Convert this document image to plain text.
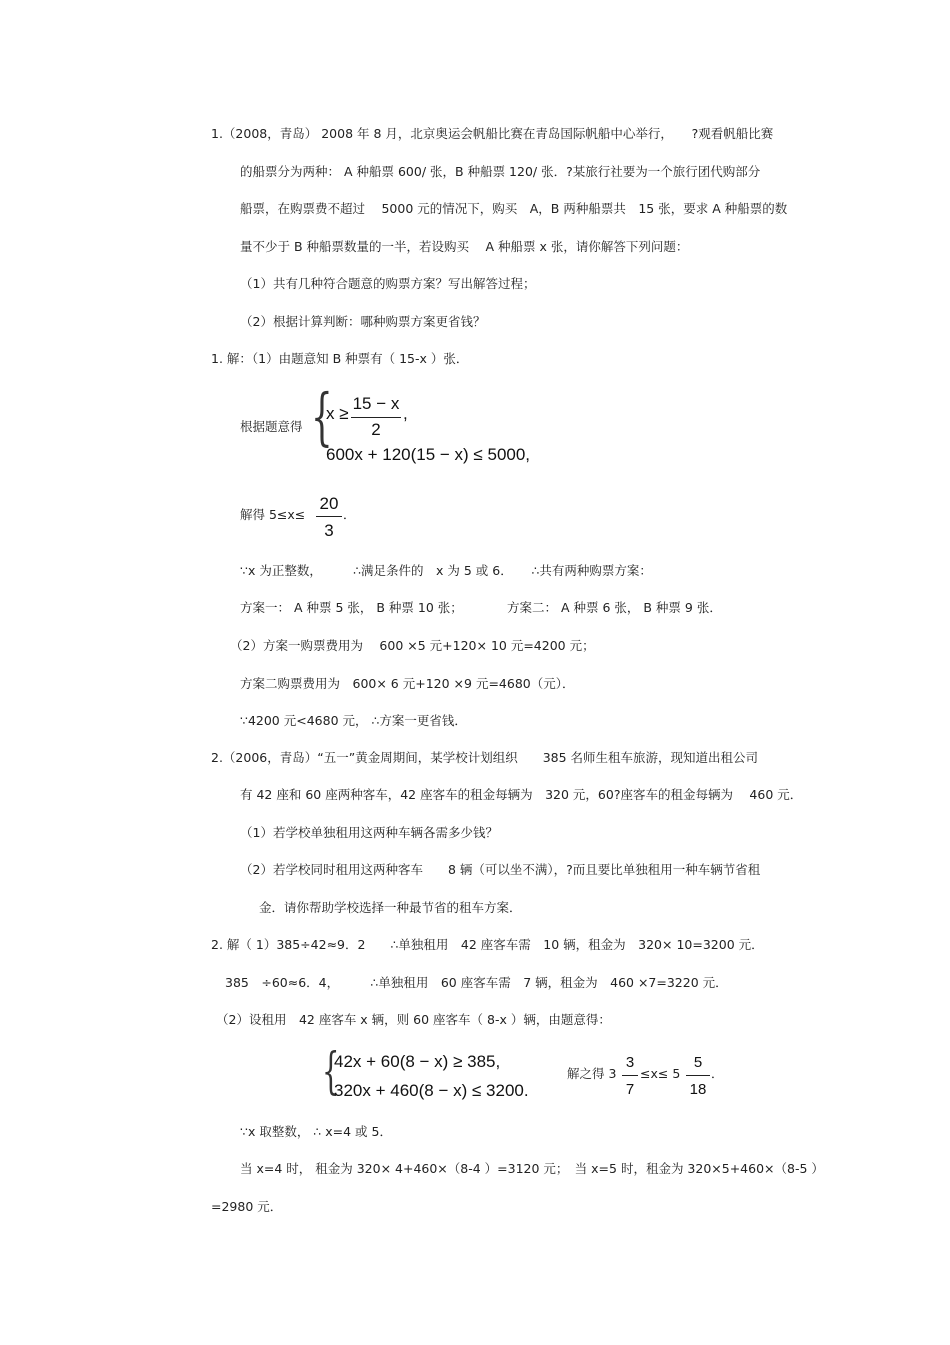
1.（2008，青岛） 2008 年 8 月，北京奥运会帆船比赛在青岛国际帆船中心举行，　　?观看帆船比赛
的船票分为两种： A 种船票 600/ 张，B 种船票 120/ 张．?某旅行社要为一个旅行团代购部分
船票，在购票费不超过　 5000 元的情况下，购买　A，B 两种船票共　15 张，要求 A 种船票的数
量不少于 B 种船票数量的一半，若设购买　 A 种船票 x 张，请你解答下列问题：
（1）共有几种符合题意的购票方案？写出解答过程；
（2）根据计算判断：哪种购票方案更省钱？
1. 解：（1）由题意知 B 种票有（ 15-x ）张．
根据题意得 {
x ≥
15 − x
2
,
600x + 120(15 − x) ≤ 5000,
解得 5≤x≤
20
3
．
∵x 为正整数，　　　∴满足条件的　x 为 5 或 6．　　∴共有两种购票方案：
方案一： A 种票 5 张， B 种票 10 张；	方案二： A 种票 6 张， B 种票 9 张．
（2）方案一购票费用为　 600 ×5 元+120× 10 元=4200 元；
方案二购票费用为　600× 6 元+120 ×9 元=4680（元）．
∵4200 元<4680 元， ∴方案一更省钱．
2.（2006，青岛）“五一”黄金周期间，某学校计划组织　　385 名师生租车旅游，现知道出租公司
有 42 座和 60 座两种客车，42 座客车的租金每辆为　320 元，60?座客车的租金每辆为　 460 元．
（1）若学校单独租用这两种车辆各需多少钱？
（2）若学校同时租用这两种客车　　8 辆（可以坐不满），?而且要比单独租用一种车辆节省租
金．请你帮助学校选择一种最节省的租车方案．
2. 解（ 1）385÷42≈9．2　　∴单独租用　42 座客车需　10 辆，租金为　320× 10=3200 元．
385　÷60≈6．4，　　　∴单独租用　60 座客车需　7 辆，租金为　460 ×7=3220 元．
（2）设租用　42 座客车 x 辆，则 60 座客车（ 8-x ）辆，由题意得：
{
42x + 60(8 − x) ≥ 385,
320x + 460(8 − x) ≤ 3200.
解之得 3
3
7
≤x≤ 5
5
18
．
∵x 取整数， ∴ x=4 或 5．
当 x=4 时， 租金为 320× 4+460×（8-4 ）=3120 元；　当 x=5 时，租金为 320×5+460×（8-5 ）
=2980 元．
